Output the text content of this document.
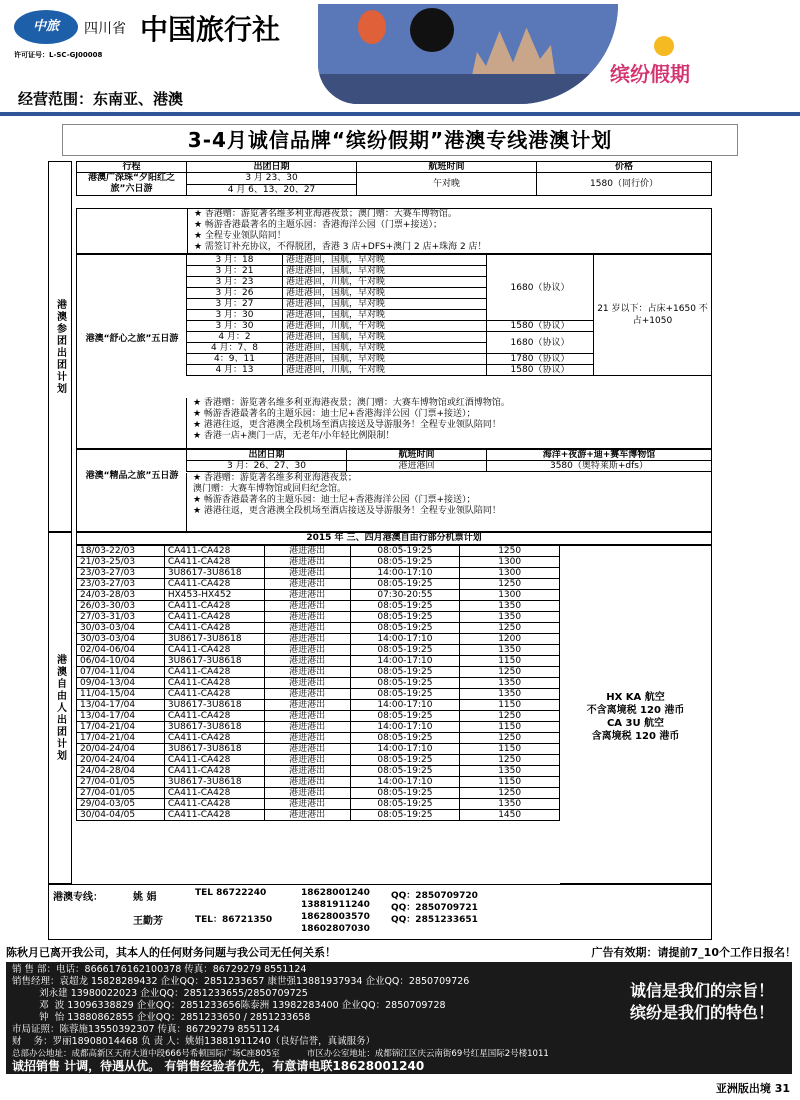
中旅	四川省 中国旅行社
许可证号：L-SC-GJ00008
缤纷假期
经营范围：东南亚、港澳
3-4月诚信品牌“缤纷假期”港澳专线港澳计划
港澳参团出团计划
港澳自由人出团计划
行程	出团日期	航班时间	价格
港澳广深珠“夕阳红之旅”六日游	3 月 23、30	午对晚	1580（同行价）
	4 月 6、13、20、27		
★ 香港赠：游览著名维多利亚海港夜景；澳门赠：大赛车博物馆。
★ 畅游香港最著名的主题乐园：香港海洋公园（门票+接送）；
★ 全程专业领队陪同！
★ 需签订补充协议，不得脱团，香港 3 店+DFS+澳门 2 店+珠海 2 店！
港澳“舒心之旅”五日游
3 月：18	港进港回，国航，早对晚	1680（协议）	21 岁以下：占床+1650 不占+1050
3 月：21	港进港回，国航，早对晚		
3 月：23	港进港回，川航，午对晚		
3 月：26	港进港回，国航，早对晚		
3 月：27	港进港回，国航，早对晚		
3 月：30	港进港回，国航，早对晚		
3 月：30	港进港回，川航，午对晚	1580（协议）	
4 月：2	港进港回，国航，早对晚	1680（协议）	
4 月：7、8	港进港回，国航，早对晚		
4：9、11	港进港回，国航，早对晚	1780（协议）	
4 月：13	港进港回，川航，午对晚	1580（协议）	
★ 香港赠：游览著名维多利亚海港夜景；澳门赠：大赛车博物馆或红酒博物馆。
★ 畅游香港最著名的主题乐园：迪士尼+香港海洋公园（门票+接送）；
★ 港港往返，更含港澳全段机场至酒店接送及导游服务！全程专业领队陪同！
★ 香港一店+澳门一店，无老年/小年轻比例限制！
港澳“精品之旅”五日游
出团日期	航班时间	海洋+夜游+迪+赛车博物馆
3 月：26、27、30	港进港回	3580（奥特莱斯+dfs）
★ 香港赠：游览著名维多利亚海港夜景；
澳门赠：大赛车博物馆或回归纪念馆。
★ 畅游香港最著名的主题乐园：迪士尼+香港海洋公园（门票+接送）；
★ 港港往返，更含港澳全段机场至酒店接送及导游服务！全程专业领队陪同！
2015 年 三、四月港澳自由行部分机票计划
18/03-22/03	CA411-CA428	港进港出	08:05-19:25	1250
21/03-25/03	CA411-CA428	港进港出	08:05-19:25	1300
23/03-27/03	3U8617-3U8618	港进港出	14:00-17:10	1300
23/03-27/03	CA411-CA428	港进港出	08:05-19:25	1250
24/03-28/03	HX453-HX452	港进港出	07:30-20:55	1300
26/03-30/03	CA411-CA428	港进港出	08:05-19:25	1350
27/03-31/03	CA411-CA428	港进港出	08:05-19:25	1350
30/03-03/04	CA411-CA428	港进港出	08:05-19:25	1250
30/03-03/04	3U8617-3U8618	港进港出	14:00-17:10	1200
02/04-06/04	CA411-CA428	港进港出	08:05-19:25	1350
06/04-10/04	3U8617-3U8618	港进港出	14:00-17:10	1150
07/04-11/04	CA411-CA428	港进港出	08:05-19:25	1250
09/04-13/04	CA411-CA428	港进港出	08:05-19:25	1350
11/04-15/04	CA411-CA428	港进港出	08:05-19:25	1350
13/04-17/04	3U8617-3U8618	港进港出	14:00-17:10	1150
13/04-17/04	CA411-CA428	港进港出	08:05-19:25	1250
17/04-21/04	3U8617-3U8618	港进港出	14:00-17:10	1150
17/04-21/04	CA411-CA428	港进港出	08:05-19:25	1250
20/04-24/04	3U8617-3U8618	港进港出	14:00-17:10	1150
20/04-24/04	CA411-CA428	港进港出	08:05-19:25	1250
24/04-28/04	CA411-CA428	港进港出	08:05-19:25	1350
27/04-01/05	3U8617-3U8618	港进港出	14:00-17:10	1150
27/04-01/05	CA411-CA428	港进港出	08:05-19:25	1250
29/04-03/05	CA411-CA428	港进港出	08:05-19:25	1350
30/04-04/05	CA411-CA428	港进港出	08:05-19:25	1450
HX KA 航空
不含离境税 120 港币
CA 3U 航空
含离境税 120 港币
港澳专线：	姚 娟	TEL 86722240	18628001240
13881911240
QQ：2850709720
QQ：2850709721
王勤芳	TEL：86721350	18628003570
18602807030
QQ：2851233651
陈秋月已离开我公司，其本人的任何财务问题与我公司无任何关系！	广告有效期：请提前7_10个工作日报名！
销 售 部：电话：8666176162100378 传真：86729279 8551124
销售经理：袁超龙 15828289432 企业QQ：2851233657 康世强13881937934 企业QQ：2850709726
刘永建 13980022023 企业QQ：2851233655/2850709725
邓  波 13096338829 企业QQ：2851233656陈泰洲 13982283400 企业QQ：2850709728
钟  怡 13880862855 企业QQ：2851233650 / 2851233658
市局证照：陈蓉施13550392307 传真：86729279 8551124
财    务：罗丽18908014468 负 责 人：姚娟13881911240（良好信誉，真诚服务）
总部办公地址：成都高新区天府大道中段666号希顿国际广场C座805室          市区办公室地址：成都锦江区庆云南街69号红星国际2号楼1011
诚招销售 计调，待遇从优。 有销售经验者优先，有意请电联18628001240
诚信是我们的宗旨！
缤纷是我们的特色！
亚洲版出境 31
